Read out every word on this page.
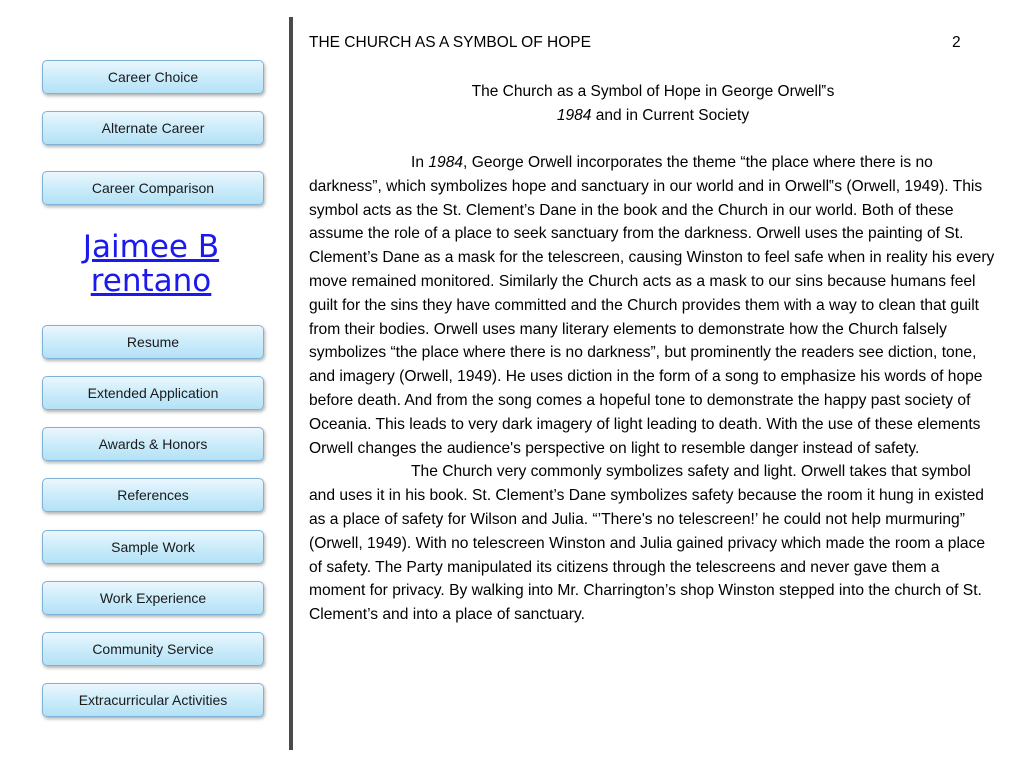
Career Choice
Alternate Career
Career Comparison
Jaimee Brentano
Resume
Extended Application
Awards & Honors
References
Sample Work
Work Experience
Community Service
Extracurricular Activities
THE CHURCH AS A SYMBOL OF HOPE	2
The Church as a Symbol of Hope in George Orwell‟s
1984 and in Current Society

In 1984, George Orwell incorporates the theme “the place where there is no darkness”, which symbolizes hope and sanctuary in our world and in Orwell‟s (Orwell, 1949). This symbol acts as the St. Clement’s Dane in the book and the Church in our world. Both of these assume the role of a place to seek sanctuary from the darkness. Orwell uses the painting of St. Clement’s Dane as a mask for the telescreen, causing Winston to feel safe when in reality his every move remained monitored. Similarly the Church acts as a mask to our sins because humans feel guilt for the sins they have committed and the Church provides them with a way to clean that guilt from their bodies. Orwell uses many literary elements to demonstrate how the Church falsely symbolizes “the place where there is no darkness”, but prominently the readers see diction, tone, and imagery (Orwell, 1949). He uses diction in the form of a song to emphasize his words of hope before death. And from the song comes a hopeful tone to demonstrate the happy past society of Oceania. This leads to very dark imagery of light leading to death. With the use of these elements Orwell changes the audience's perspective on light to resemble danger instead of safety.

The Church very commonly symbolizes safety and light. Orwell takes that symbol and uses it in his book. St. Clement’s Dane symbolizes safety because the room it hung in existed as a place of safety for Wilson and Julia. “’There's no telescreen!’ he could not help murmuring” (Orwell, 1949). With no telescreen Winston and Julia gained privacy which made the room a place of safety. The Party manipulated its citizens through the telescreens and never gave them a moment for privacy. By walking into Mr. Charrington’s shop Winston stepped into the church of St. Clement’s and into a place of sanctuary.
